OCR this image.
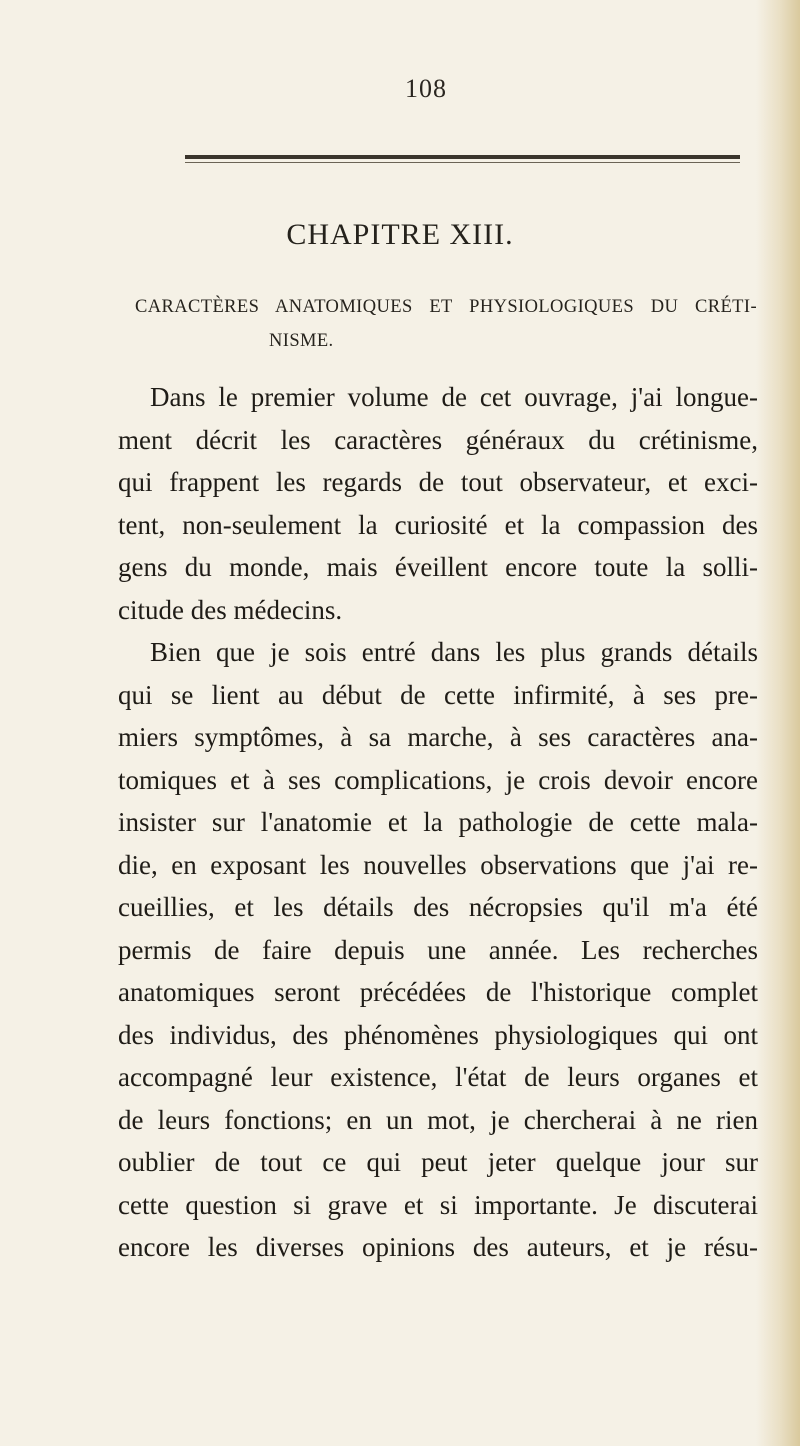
108
CHAPITRE XIII.
CARACTÈRES ANATOMIQUES ET PHYSIOLOGIQUES DU CRÉTI-
NISME.
Dans le premier volume de cet ouvrage, j'ai longue-
ment décrit les caractères généraux du crétinisme,
qui frappent les regards de tout observateur, et exci-
tent, non-seulement la curiosité et la compassion des
gens du monde, mais éveillent encore toute la solli-
citude des médecins.
Bien que je sois entré dans les plus grands détails
qui se lient au début de cette infirmité, à ses pre-
miers symptômes, à sa marche, à ses caractères ana-
tomiques et à ses complications, je crois devoir encore
insister sur l'anatomie et la pathologie de cette mala-
die, en exposant les nouvelles observations que j'ai re-
cueillies, et les détails des nécropsies qu'il m'a été
permis de faire depuis une année. Les recherches
anatomiques seront précédées de l'historique complet
des individus, des phénomènes physiologiques qui ont
accompagné leur existence, l'état de leurs organes et
de leurs fonctions; en un mot, je chercherai à ne rien
oublier de tout ce qui peut jeter quelque jour sur
cette question si grave et si importante. Je discuterai
encore les diverses opinions des auteurs, et je résu-
